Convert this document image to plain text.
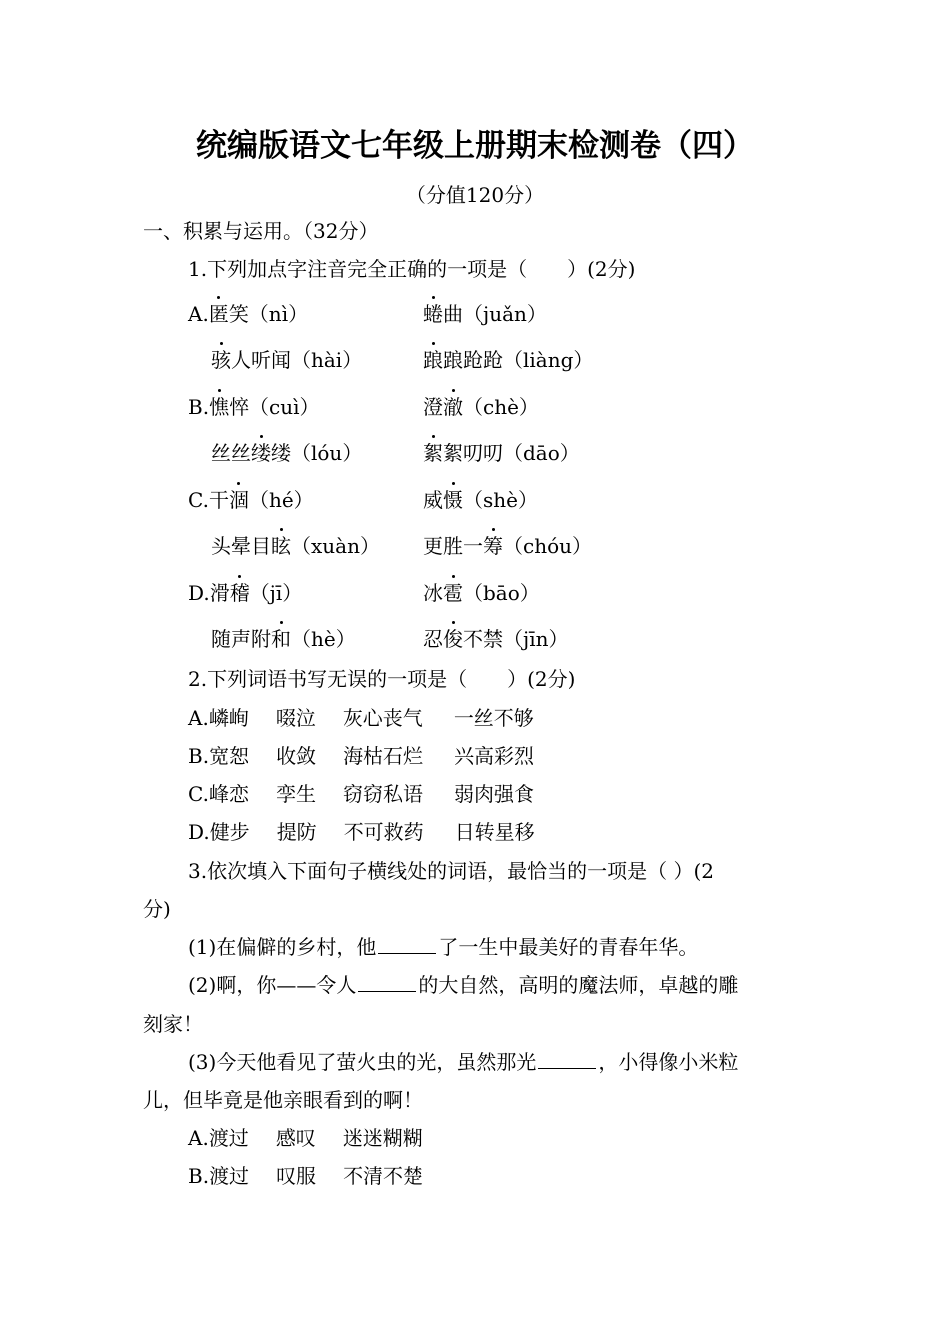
统编版语文七年级上册期末检测卷（四）
（分值120分）
一、积累与运用。（32分）
1.下列加点字注音完全正确的一项是（　　）(2分)
A.匿笑（nì）	蜷曲（juǎn）
骇人听闻（hài）	踉踉跄跄（liàng）
B.憔悴（cuì）	澄澈（chè）
丝丝缕缕（lóu）	絮絮叨叨（dāo）
C.干涸（hé）	威慑（shè）
头晕目眩（xuàn） 更胜一筹（chóu）
D.滑稽（jī）	冰雹（bāo）
随声附和（hè）	忍俊不禁（jīn）
2.下列词语书写无误的一项是（　　）(2分)
A.嶙峋 啜泣 灰心丧气 一丝不够
B.宽恕 收敛 海枯石烂 兴高彩烈
C.峰恋 孪生 窃窃私语 弱肉强食
D.健步 提防 不可救药 日转星移
3.依次填入下面句子横线处的词语，最恰当的一项是（ ）(2
分)
(1)在偏僻的乡村，他	了一生中最美好的青春年华。
(2)啊，你——令人	的大自然，高明的魔法师，卓越的雕
刻家！
(3)今天他看见了萤火虫的光，虽然那光	，小得像小米粒
儿，但毕竟是他亲眼看到的啊！
A.渡过 感叹 迷迷糊糊
B.渡过 叹服 不清不楚
